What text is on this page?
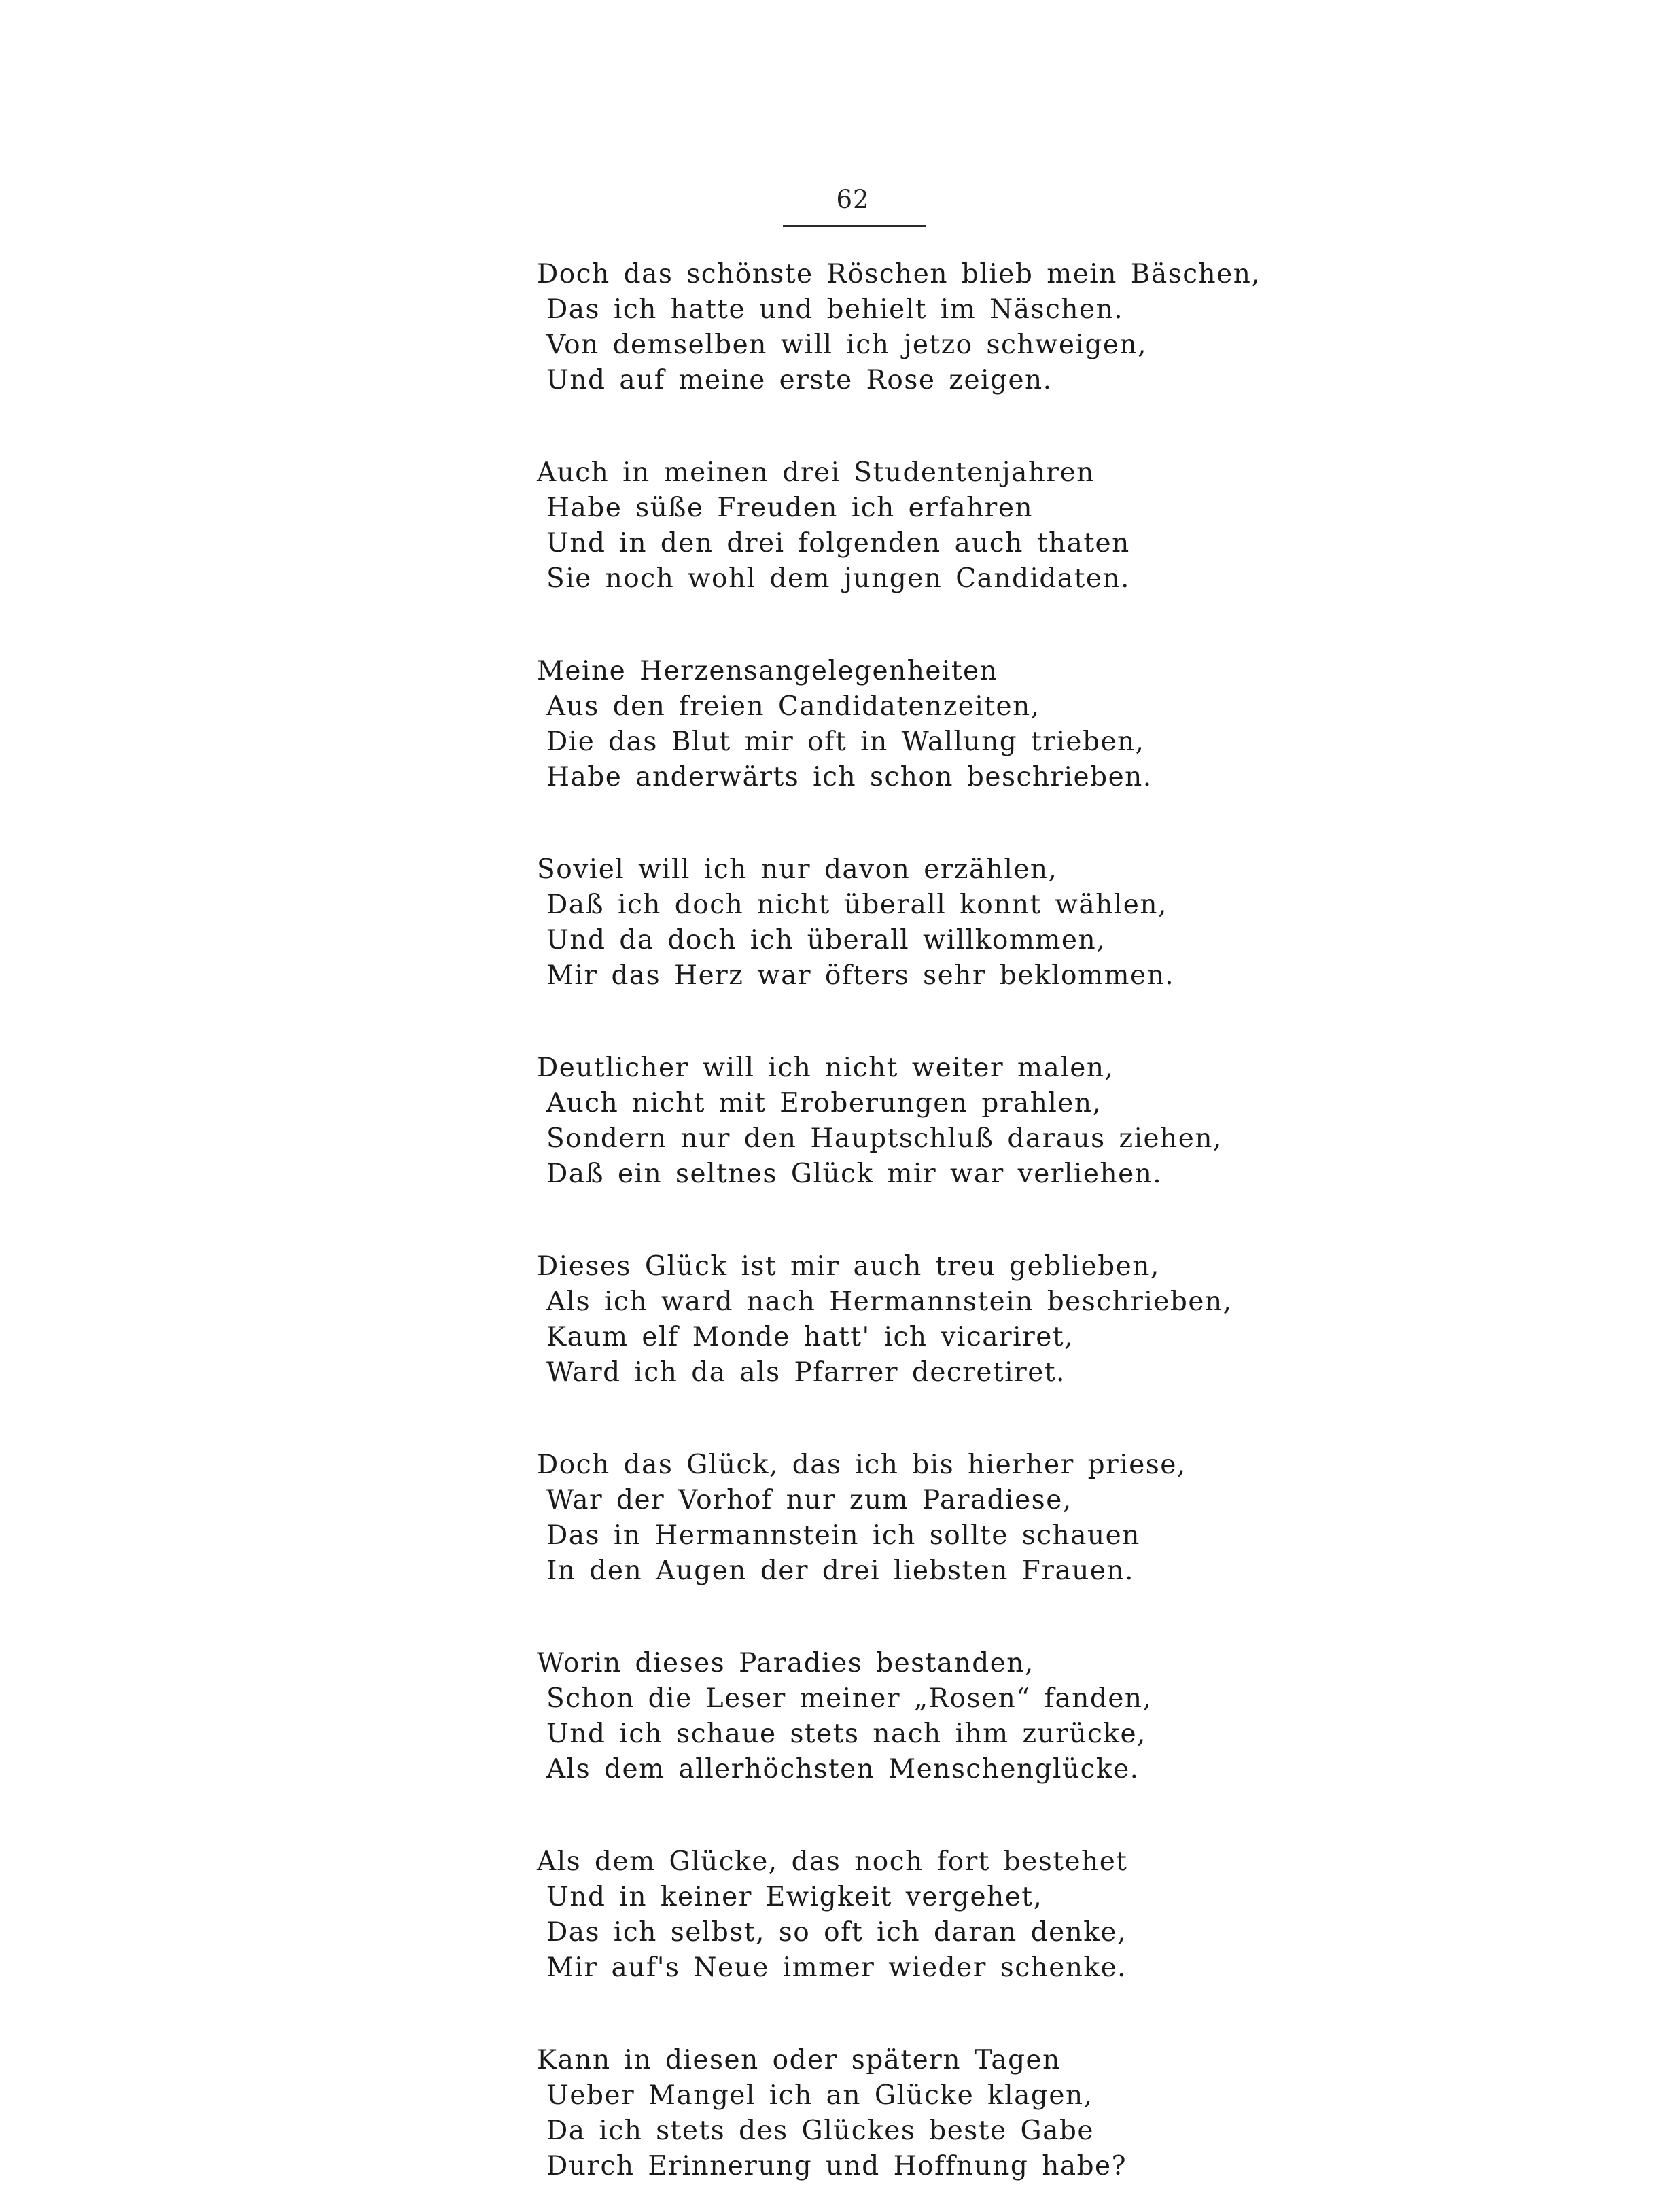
62
Doch das schönste Röschen blieb mein Bäschen,
Das ich hatte und behielt im Näschen.
Von demselben will ich jetzo schweigen,
Und auf meine erste Rose zeigen.
Auch in meinen drei Studentenjahren
Habe süße Freuden ich erfahren
Und in den drei folgenden auch thaten
Sie noch wohl dem jungen Candidaten.
Meine Herzensangelegenheiten
Aus den freien Candidatenzeiten,
Die das Blut mir oft in Wallung trieben,
Habe anderwärts ich schon beschrieben.
Soviel will ich nur davon erzählen,
Daß ich doch nicht überall konnt wählen,
Und da doch ich überall willkommen,
Mir das Herz war öfters sehr beklommen.
Deutlicher will ich nicht weiter malen,
Auch nicht mit Eroberungen prahlen,
Sondern nur den Hauptschluß daraus ziehen,
Daß ein seltnes Glück mir war verliehen.
Dieses Glück ist mir auch treu geblieben,
Als ich ward nach Hermannstein beschrieben,
Kaum elf Monde hatt' ich vicariret,
Ward ich da als Pfarrer decretiret.
Doch das Glück, das ich bis hierher priese,
War der Vorhof nur zum Paradiese,
Das in Hermannstein ich sollte schauen
In den Augen der drei liebsten Frauen.
Worin dieses Paradies bestanden,
Schon die Leser meiner „Rosen“ fanden,
Und ich schaue stets nach ihm zurücke,
Als dem allerhöchsten Menschenglücke.
Als dem Glücke, das noch fort bestehet
Und in keiner Ewigkeit vergehet,
Das ich selbst, so oft ich daran denke,
Mir auf's Neue immer wieder schenke.
Kann in diesen oder spätern Tagen
Ueber Mangel ich an Glücke klagen,
Da ich stets des Glückes beste Gabe
Durch Erinnerung und Hoffnung habe?
